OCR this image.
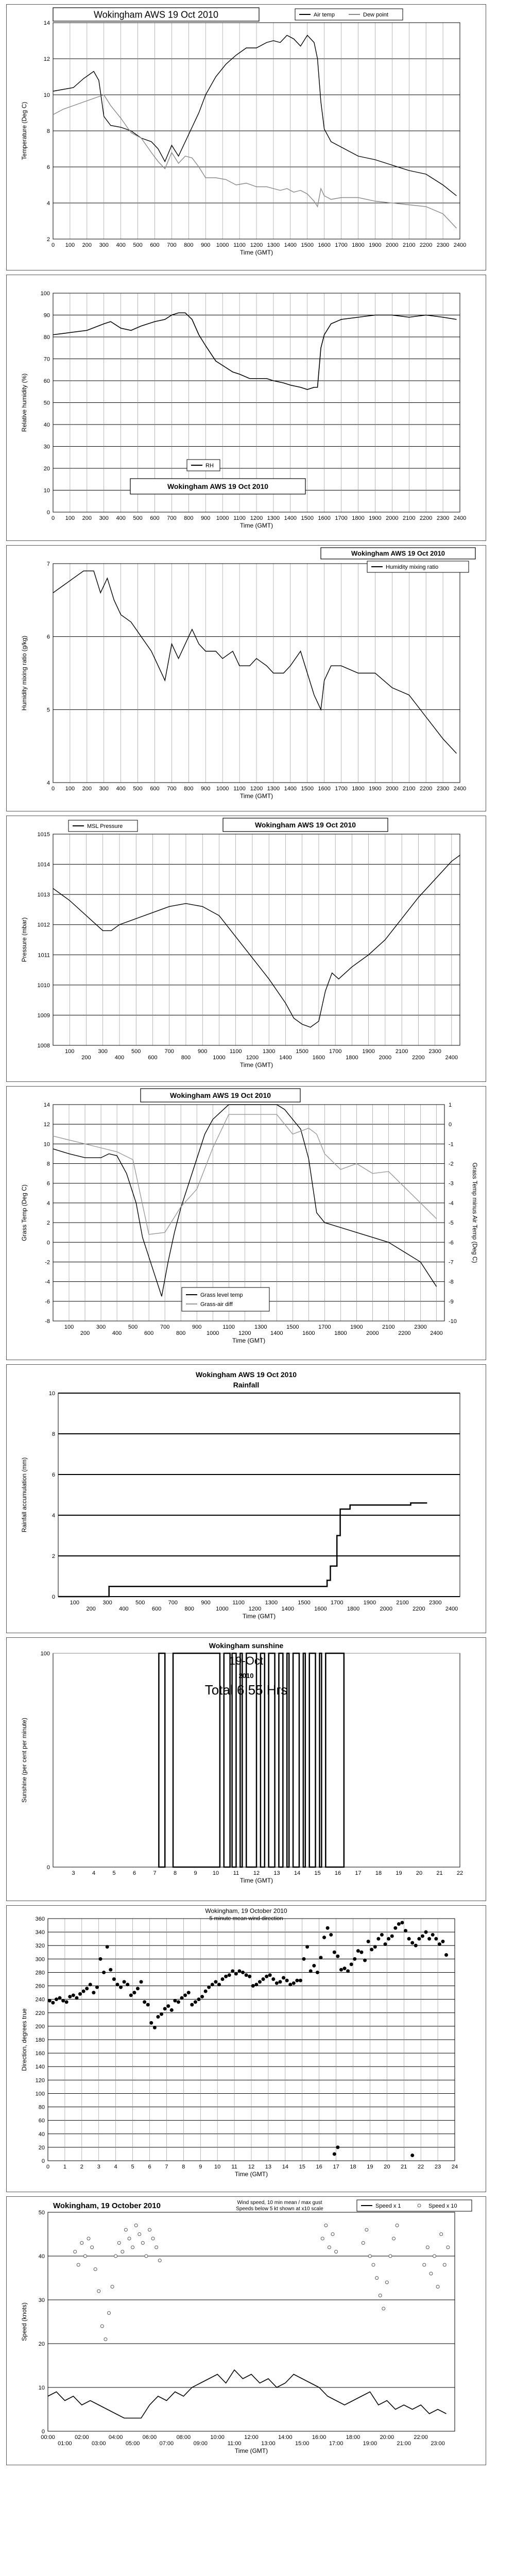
2
4
6
8
10
12
14
0 100 200 300 400 500 600 700 800 900 1000 1100 1200 1300 1400 1500 1600 1700 1800 1900 2000 2100 2200 2300 2400
Time (GMT)
Temperature (Deg C)
Wokingham AWS 19 Oct 2010	Air temp	Dew point
0
10
20
30
40
50
60
70
80
90
100
0 100 200 300 400 500 600 700 800 900 1000 1100 1200 1300 1400 1500 1600 1700 1800 1900 2000 2100 2200 2300 2400
Time (GMT)
Relative humidity (%)
RH
Wokingham AWS 19 Oct 2010
4
5
6
7
0 100 200 300 400 500 600 700 800 900 1000 1100 1200 1300 1400 1500 1600 1700 1800 1900 2000 2100 2200 2300 2400
Time (GMT)
Humidity mixing ratio (g/kg)
Wokingham AWS 19 Oct 2010
Humidity mixing ratio
1008
1009
1010
1011
1012
1013
1014
1015
100
200
300
400
500
600
700
800
900
1000
1100
1200
1300
1400
1500
1600
1700
1800
1900
2000
2100
2200
2300
2400
Time (GMT)
Pressure (mbar)
MSL Pressure	Wokingham AWS 19 Oct 2010
-8
-6
-4
-2
0
2
4
6
8
10
12
14
100
200
300
400
500
600
700
800
900
1000
1100
1200
1300
1400
1500
1600
1700
1800
1900
2000
2100
2200
2300
2400
Time (GMT)
Grass Temp (Deg C)
-10
-9
-8
-7
-6
-5
-4
-3
-2
-1
0
1
Grass Temp minus Air Temp (Deg C)
Wokingham AWS 19 Oct 2010
Grass level temp
Grass-air diff
0
2
4
6
8
10
100
200
300
400
500
600
700
800
900
1000
1100
1200
1300
1400
1500
1600
1700
1800
1900
2000
2100
2200
2300
2400
Time (GMT)
Rainfall accumulation (mm)
Wokingham AWS 19 Oct 2010
Rainfall
0
100
3	4	5	6	7	8	9	10	11	12 13 14 15 16 17 18 19 20 21 22
Time (GMT)
Sunshine (per cent per minute)
Wokingham sunshine
19-Oct
2010
Total 6.55 Hrs
0
20
40
60
80
100
120
140
160
180
200
220
240
260
280
300
320
340
360
0 1 2 3 4 5 6 7 8 9 10 11 12 13 14 15 16 17 18 19 20 21 22 23 24
Time (GMT)
Direction, degrees true
Wokingham, 19 October 2010
5 minute mean wind direction
0
10
20
30
40
50
00:00
01:00
02:00
03:00
04:00
05:00
06:00
07:00
08:00
09:00
10:00
11:00
12:00
13:00
14:00
15:00
16:00
17:00
18:00
19:00
20:00
21:00
22:00
23:00
Time (GMT)
Speed (knots)
Wokingham, 19 October 2010	Wind speed, 10 min mean / max gust
Speeds below 5 kt shown at x10 scale	Speed x 1	Speed x 10
